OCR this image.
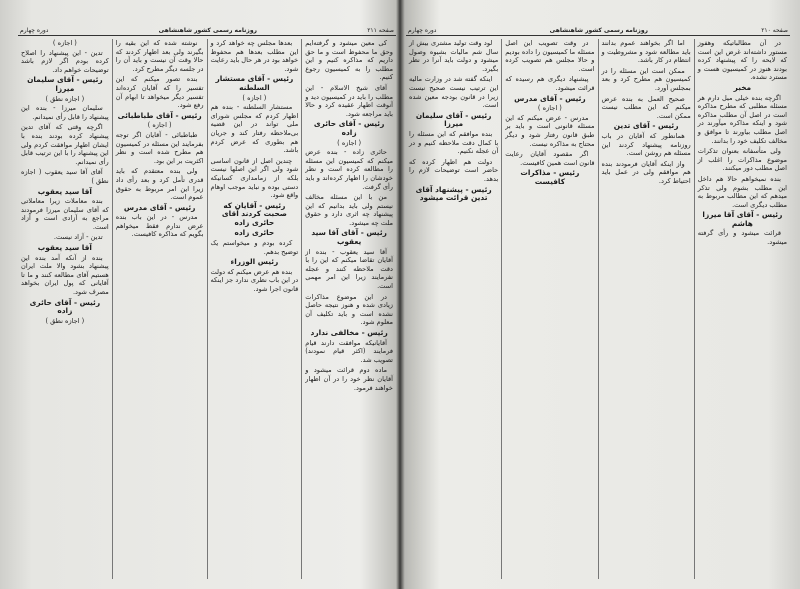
صفحه ۲۱۱
روزنامه رسمی کشور شاهنشاهی
دوره چهارم

کی معین میشود و گرفته‌ایم وحق ما محفوظ است و ما حق داریم که مذاکره کنیم و این مطلب را به کمیسیون رجوع کنیم.

آقای شیخ الاسلام - این مطلب را باید در کمیسیون دید و آنوقت اظهار عقیده کرد و حالا باید مراجعه شود.

رئیس - آقای حائری زاده
( اجازه )

حائری زاده - بنده عرض میکنم که کمیسیون این مسئله را مطالعه کرده است و نظر خودشان را اظهار کرده‌اند و باید رأی گرفت.

من با این مسئله مخالف نیستم ولی باید بدانیم که این پیشنهاد چه اثری دارد و حقوق ملت چه میشود.

رئیس - آقای آقا سید یعقوب

آقا سید یعقوب - بنده از آقایان تقاضا میکنم که این را با دقت ملاحظه کنند و عجله نفرمایند زیرا این امر مهمی است.

در این موضوع مذاکرات زیادی شده و هنوز نتیجه حاصل نشده است و باید تکلیف آن معلوم شود.

رئیس - مخالفی ندارد

آقایانیکه موافقت دارند قیام فرمایند (اکثر قیام نمودند) تصویب شد.

ماده دوم قرائت میشود و آقایان نظر خود را در آن اظهار خواهند فرمود.

بعدها مجلس چه خواهد کرد و این مطلب بعدها هم محفوظ خواهد بود در هر حال باید رعایت شود.

رئیس - آقای مستشار السلطنه
( اجازه )

مستشار السلطنه - بنده هم اظهار کردم که مجلس شورای ملی تواند در این قضیه بی‌ملاحظه رفتار کند و جریان هم بطوری که عرض کردم باشد.

چندین اصل از قانون اساسی شود ولی اگر این اصلها نیست بلکه از زمامداری کسانیکه دستی بوده و نباید موجب اوهام واقع شود.

رئیس - آقایان که صحبت کردند آقای حائری زاده
حائری زاده

کرده بودم و میخواستم یک توضیح بدهم.

رئیس الوزراء

بنده هم عرض میکنم که دولت در این باب نظری ندارد جز اینکه قانون اجرا شود.

نوشته شده که این بقیه را بگیرند ولی بعد اظهار کردند که حالا وقت آن نیست و باید آن را در جلسه دیگر مطرح کرد.

بنده تصور میکنم که این تفسیر را که آقایان کرده‌اند تفسیر دیگر میخواهد تا ابهام آن رفع شود.

رئیس - آقای طباطبائی
( اجازه )

طباطبائی - آقایان اگر توجه بفرمایند این مسئله در کمیسیون هم مطرح شده است و نظر اکثریت بر این بود.

ولی بنده معتقدم که باید قدری تأمل کرد و بعد رأی داد زیرا این امر مربوط به حقوق عموم است.

رئیس - آقای مدرس

مدرس - در این باب بنده عرض ندارم فقط میخواهم بگویم که مذاکره کافیست.

( اجازه )

تدین - این پیشنهاد را اصلاح کرده بودم اگر لازم باشد توضیحات خواهم داد.

رئیس - آقای سلیمان میرزا
( اجازه نطق )

سلیمان میرزا - بنده این پیشنهاد را قابل رأی نمیدانم.

اگرچه وقتی که آقای تدین پیشنهاد کرده بودند بنده با ایشان اظهار موافقت کردم ولی این پیشنهاد را با این ترتیب قابل رأی نمیدانم.

آقای آقا سید یعقوب ( اجازه نطق )

آقا سید یعقوب

بنده معاملات زیرا معاملاتی که آقای سلیمان میرزا فرمودند مراجع به آزادی است و آزاد است.

تدین - آزاد نیست.

آقا سید یعقوب

بنده از آنکه آمد بنده این پیشنهاد بشود والا ملت ایران هستیم آقای مطالعه کنند و ما تا آقایانی که پول ایران بخواهد مصرف شود.

رئیس - آقای حائری زاده
( اجازه نطق )
صفحه ۲۱۰
روزنامه رسمی کشور شاهنشاهی
دوره چهارم

در آن مطالباتیکه وهفوز مستور داشته‌اند غرض این است که لایحه را که پیشنهاد کرده بودند هنوز در کمیسیون هست و مسترد نشده.

مخبر

اگرچه بنده خیلی میل دارم هر مسئله مطلبی که مطرح مذاکره است در اصل آن مطلب مذاکره شود و اینکه مذاکره میآورند در اصل مطلب بیاورند تا موافق و مخالف تکلیف خود را بدانند.

ولی متأسفانه بعنوان تذکرات موضوع مذاکرات را اغلب از اصل مطلب دور میکنند.

بنده نمیخواهم حالا هم داخل این مطلب بشوم ولی تذکر میدهم که این مطالب مربوط به مطلب دیگری است.

رئیس - آقای آقا میرزا هاشم

قرائت میشود و رأی گرفته میشود.

اما اگر بخواهند عموم بدانند باید مطالعه شود و مشروطیت و انتظام در کار باشد.

ممکن است این مسئله را در کمیسیون هم مطرح کرد و بعد بمجلس آورد.

صحیح العمل به بنده عرض میکنم که این مطلب نیست ممکن است.

رئیس - آقای تدین

همانطور که آقایان در باب روزنامه پیشنهاد کردند این مسئله هم روشن است.

واز اینکه آقایان فرمودند بنده هم موافقم ولی در عمل باید احتیاط کرد.

در وقت تصویب این اصل مسئله ما کمیسیون را داده بودیم و حالا مجلس هم تصویب کرده است.

پیشنهاد دیگری هم رسیده که قرائت میشود.

رئیس - آقای مدرس
( اجازه )

مدرس - عرض میکنم که این مسئله قانونی است و باید بر طبق قانون رفتار شود و دیگر محتاج به مذاکره نیست.

اگر مقصود آقایان رعایت قانون است همین کافیست.

رئیس - مذاکرات کافیست

لود وقت تولید مشتری بیش از سال شم مالیات بشیوه وصول میشود و دولت باید آنرا در نظر بگیرد.

اینکه گفته شد در وزارت مالیه این ترتیب نیست صحیح نیست زیرا در قانون بودجه معین شده است.

رئیس - آقای سلیمان میرزا

بنده موافقم که این مسئله را با کمال دقت ملاحظه کنیم و در آن عجله نکنیم.

دولت هم اظهار کرده که حاضر است توضیحات لازم را بدهد.

رئیس - پیشنهاد آقای تدین قرائت میشود
